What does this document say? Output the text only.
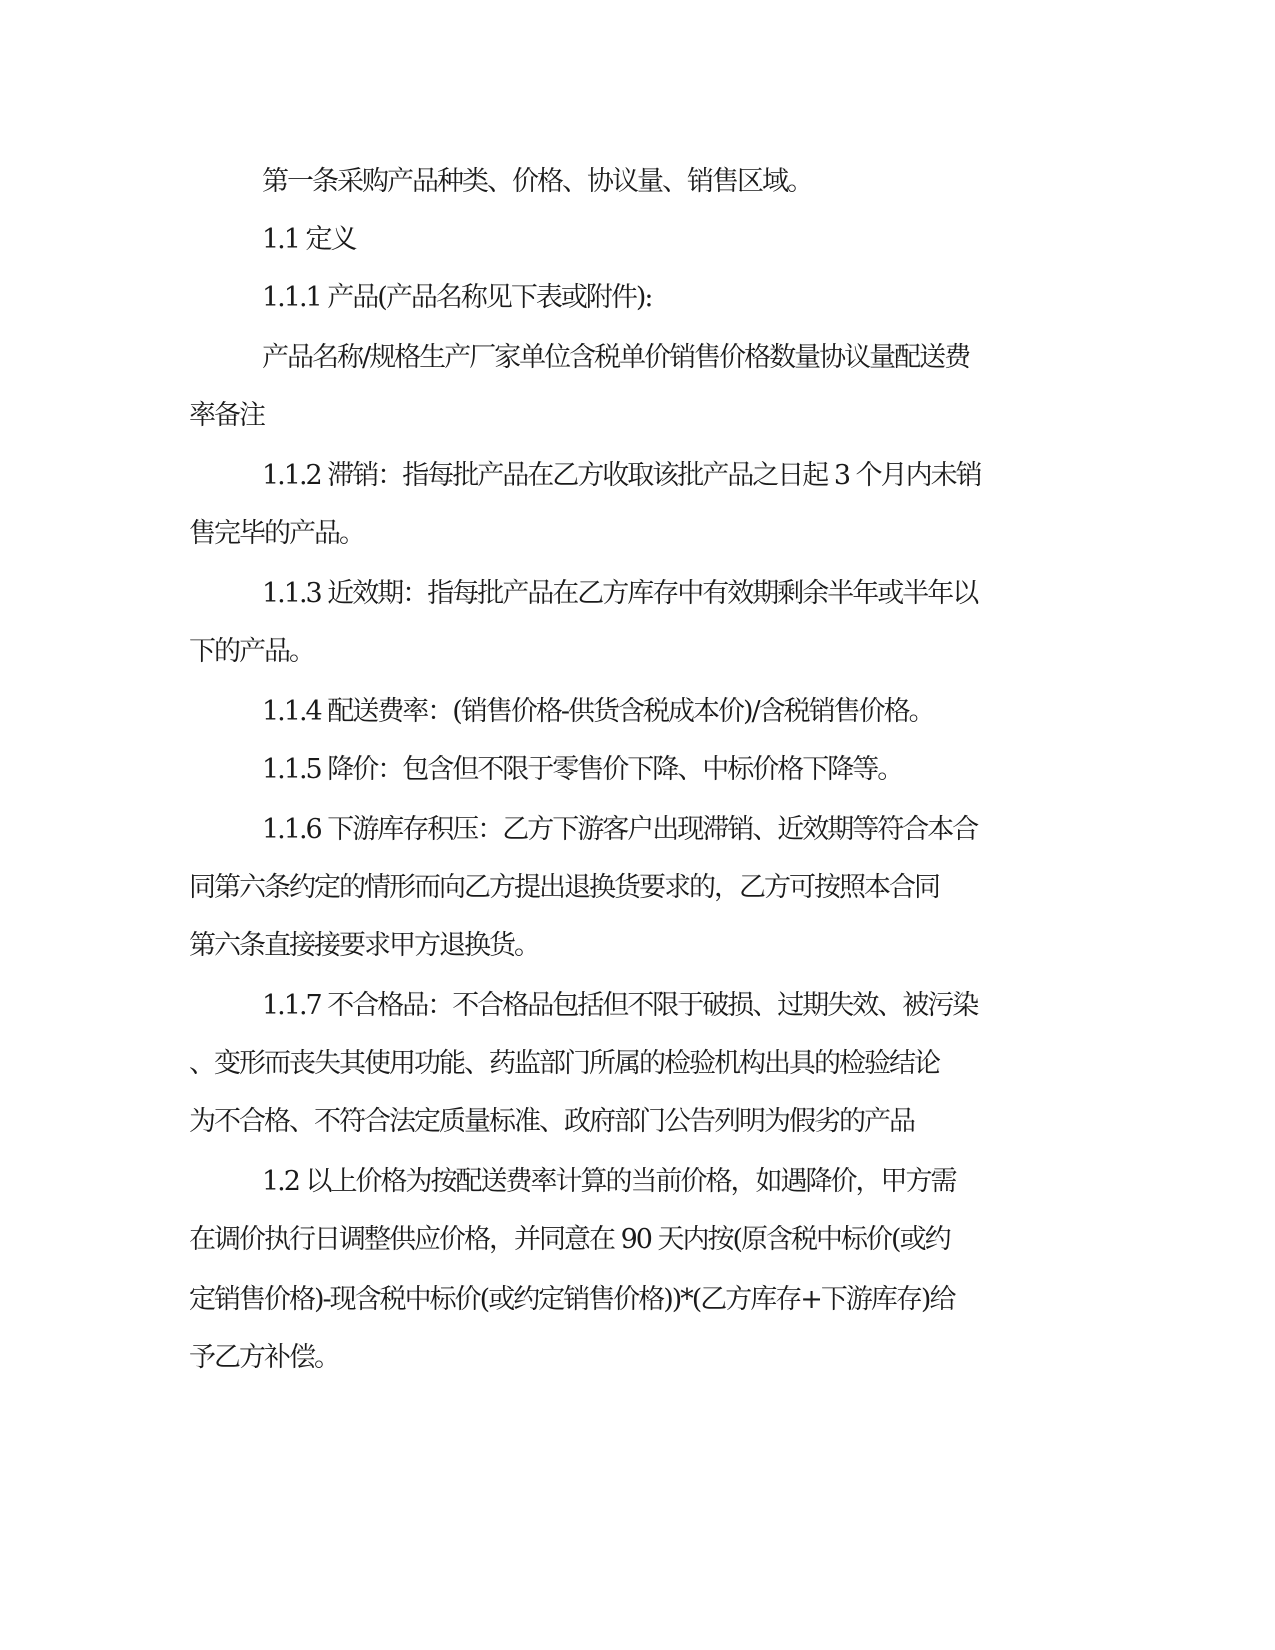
第一条采购产品种类、价格、协议量、销售区域。
1.1 定义
1.1.1 产品(产品名称见下表或附件):
产品名称/规格生产厂家单位含税单价销售价格数量协议量配送费
率备注
1.1.2 滞销：指每批产品在乙方收取该批产品之日起 3 个月内未销
售完毕的产品。
1.1.3 近效期：指每批产品在乙方库存中有效期剩余半年或半年以
下的产品。
1.1.4 配送费率：(销售价格-供货含税成本价)/含税销售价格。
1.1.5 降价：包含但不限于零售价下降、中标价格下降等。
1.1.6 下游库存积压：乙方下游客户出现滞销、近效期等符合本合
同第六条约定的情形而向乙方提出退换货要求的，乙方可按照本合同
第六条直接接要求甲方退换货。
1.1.7 不合格品：不合格品包括但不限于破损、过期失效、被污染
、变形而丧失其使用功能、药监部门所属的检验机构出具的检验结论
为不合格、不符合法定质量标准、政府部门公告列明为假劣的产品
1.2 以上价格为按配送费率计算的当前价格，如遇降价，甲方需
在调价执行日调整供应价格，并同意在 90 天内按(原含税中标价(或约
定销售价格)-现含税中标价(或约定销售价格))*(乙方库存+下游库存)给
予乙方补偿。
